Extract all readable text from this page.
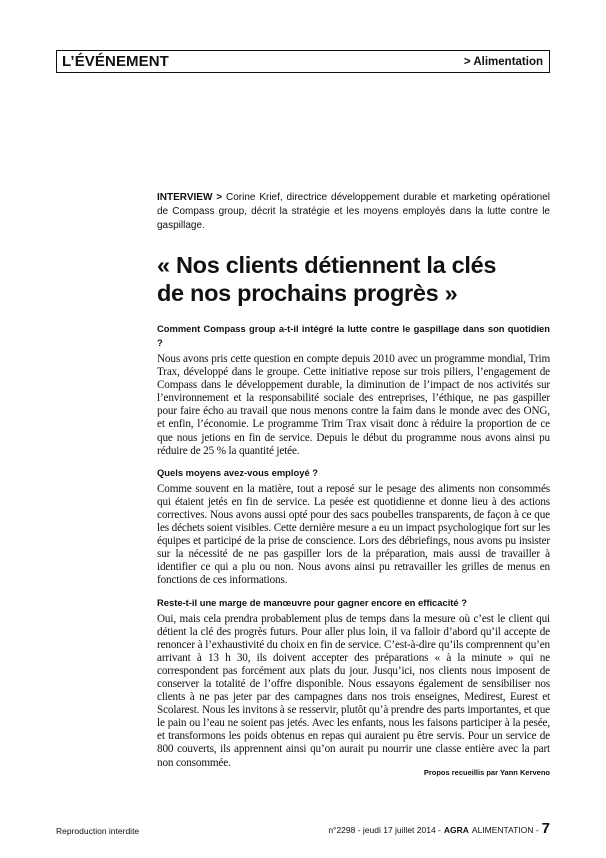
L’ÉVÉNEMENT	> Alimentation
INTERVIEW > Corine Krief, directrice développement durable et marketing opérationel de Compass group, décrit la stratégie et les moyens employés dans la lutte contre le gaspillage.
« Nos clients détiennent la clés
de nos prochains progrès »
Comment Compass group a-t-il intégré la lutte contre le gaspillage dans son quotidien ?
Nous avons pris cette question en compte depuis 2010 avec un programme mondial, Trim Trax, développé dans le groupe. Cette initiative repose sur trois piliers, l’engagement de Compass dans le développement durable, la diminution de l’impact de nos activités sur l’environnement et la responsabilité sociale des entreprises, l’éthique, ne pas gaspiller pour faire écho au travail que nous menons contre la faim dans le monde avec des ONG, et enfin, l’économie. Le programme Trim Trax visait donc à réduire la proportion de ce que nous jetions en fin de service. Depuis le début du programme nous avons ainsi pu réduire de 25 % la quantité jetée.
Quels moyens avez-vous employé ?
Comme souvent en la matière, tout a reposé sur le pesage des aliments non consommés qui étaient jetés en fin de service. La pesée est quotidienne et donne lieu à des actions correctives. Nous avons aussi opté pour des sacs poubelles transparents, de façon à ce que les déchets soient visibles. Cette dernière mesure a eu un impact psychologique fort sur les équipes et participé de la prise de conscience. Lors des débriefings, nous avons pu insister sur la nécessité de ne pas gaspiller lors de la préparation, mais aussi de travailler à identifier ce qui a plu ou non. Nous avons ainsi pu retravailler les grilles de menus en fonctions de ces informations.
Reste-t-il une marge de manœuvre pour gagner encore en efficacité ?
Oui, mais cela prendra probablement plus de temps dans la mesure où c’est le client qui détient la clé des progrès futurs. Pour aller plus loin, il va falloir d’abord qu’il accepte de renoncer à l’exhaustivité du choix en fin de service. C’est-à-dire qu’ils comprennent qu’en arrivant à 13 h 30, ils doivent accepter des préparations « à la minute » qui ne correspondent pas forcément aux plats du jour. Jusqu’ici, nos clients nous imposent de conserver la totalité de l’offre disponible. Nous essayons également de sensibiliser nos clients à ne pas jeter par des campagnes dans nos trois enseignes, Medirest, Eurest et Scolarest. Nous les invitons à se resservir, plutôt qu’à prendre des parts importantes, et que le pain ou l’eau ne soient pas jetés. Avec les enfants, nous les faisons participer à la pesée, et transformons les poids obtenus en repas qui auraient pu être servis. Pour un service de 800 couverts, ils apprennent ainsi qu’on aurait pu nourrir une classe entière avec la part non consommée.
Propos recueillis par Yann Kerveno
Reproduction interdite	n°2298 - jeudi 17 juillet 2014 - AGRA ALIMENTATION - 7
